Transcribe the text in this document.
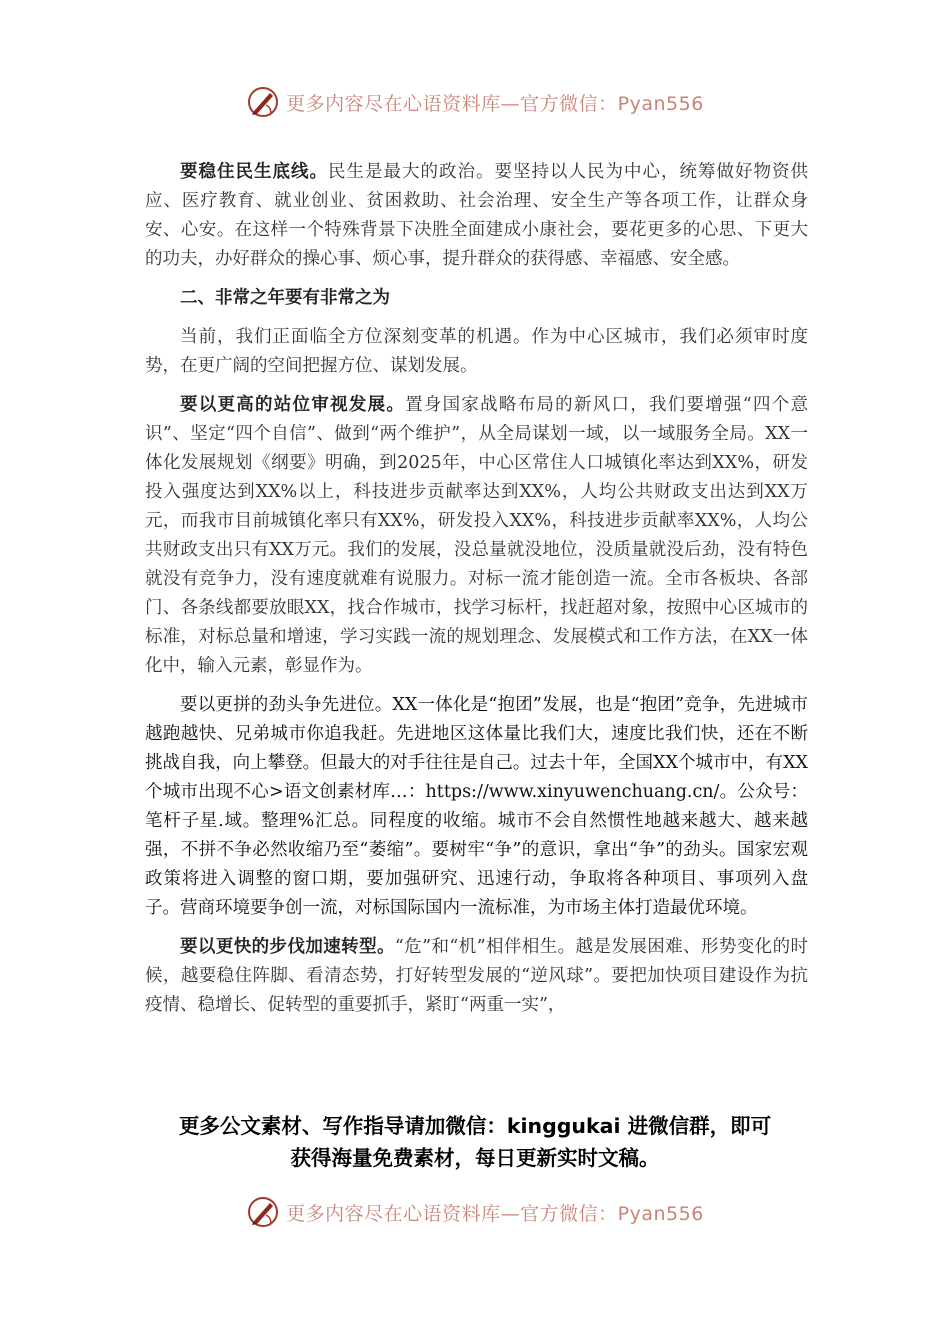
更多内容尽在心语资料库—官方微信：Pyan556

要稳住民生底线。民生是最大的政治。要坚持以人民为中心，统筹做好物资供应、医疗教育、就业创业、贫困救助、社会治理、安全生产等各项工作，让群众身安、心安。在这样一个特殊背景下决胜全面建成小康社会，要花更多的心思、下更大的功夫，办好群众的操心事、烦心事，提升群众的获得感、幸福感、安全感。

二、非常之年要有非常之为

当前，我们正面临全方位深刻变革的机遇。作为中心区城市，我们必须审时度势，在更广阔的空间把握方位、谋划发展。

要以更高的站位审视发展。置身国家战略布局的新风口，我们要增强“四个意识”、坚定“四个自信”、做到“两个维护”，从全局谋划一域，以一域服务全局。XX一体化发展规划《纲要》明确，到2025年，中心区常住人口城镇化率达到XX%，研发投入强度达到XX%以上，科技进步贡献率达到XX%，人均公共财政支出达到XX万元，而我市目前城镇化率只有XX%，研发投入XX%，科技进步贡献率XX%，人均公共财政支出只有XX万元。我们的发展，没总量就没地位，没质量就没后劲，没有特色就没有竞争力，没有速度就难有说服力。对标一流才能创造一流。全市各板块、各部门、各条线都要放眼XX，找合作城市，找学习标杆，找赶超对象，按照中心区城市的标准，对标总量和增速，学习实践一流的规划理念、发展模式和工作方法，在XX一体化中，输入元素，彰显作为。

要以更拼的劲头争先进位。XX一体化是“抱团”发展，也是“抱团”竞争，先进城市越跑越快、兄弟城市你追我赶。先进地区这体量比我们大，速度比我们快，还在不断挑战自我，向上攀登。但最大的对手往往是自己。过去十年，全国XX个城市中，有XX个城市出现不心>语文创素材库…：https://www.xinyuwenchuang.cn/。公众号：笔杆子星.域。整理%汇总。同程度的收缩。城市不会自然惯性地越来越大、越来越强，不拼不争必然收缩乃至“萎缩”。要树牢“争”的意识，拿出“争”的劲头。国家宏观政策将进入调整的窗口期，要加强研究、迅速行动，争取将各种项目、事项列入盘子。营商环境要争创一流，对标国际国内一流标准，为市场主体打造最优环境。

要以更快的步伐加速转型。“危”和“机”相伴相生。越是发展困难、形势变化的时候，越要稳住阵脚、看清态势，打好转型发展的“逆风球”。要把加快项目建设作为抗疫情、稳增长、促转型的重要抓手，紧盯“两重一实”，

更多公文素材、写作指导请加微信：kinggukai 进微信群，即可
获得海量免费素材，每日更新实时文稿。
更多内容尽在心语资料库—官方微信：Pyan556
